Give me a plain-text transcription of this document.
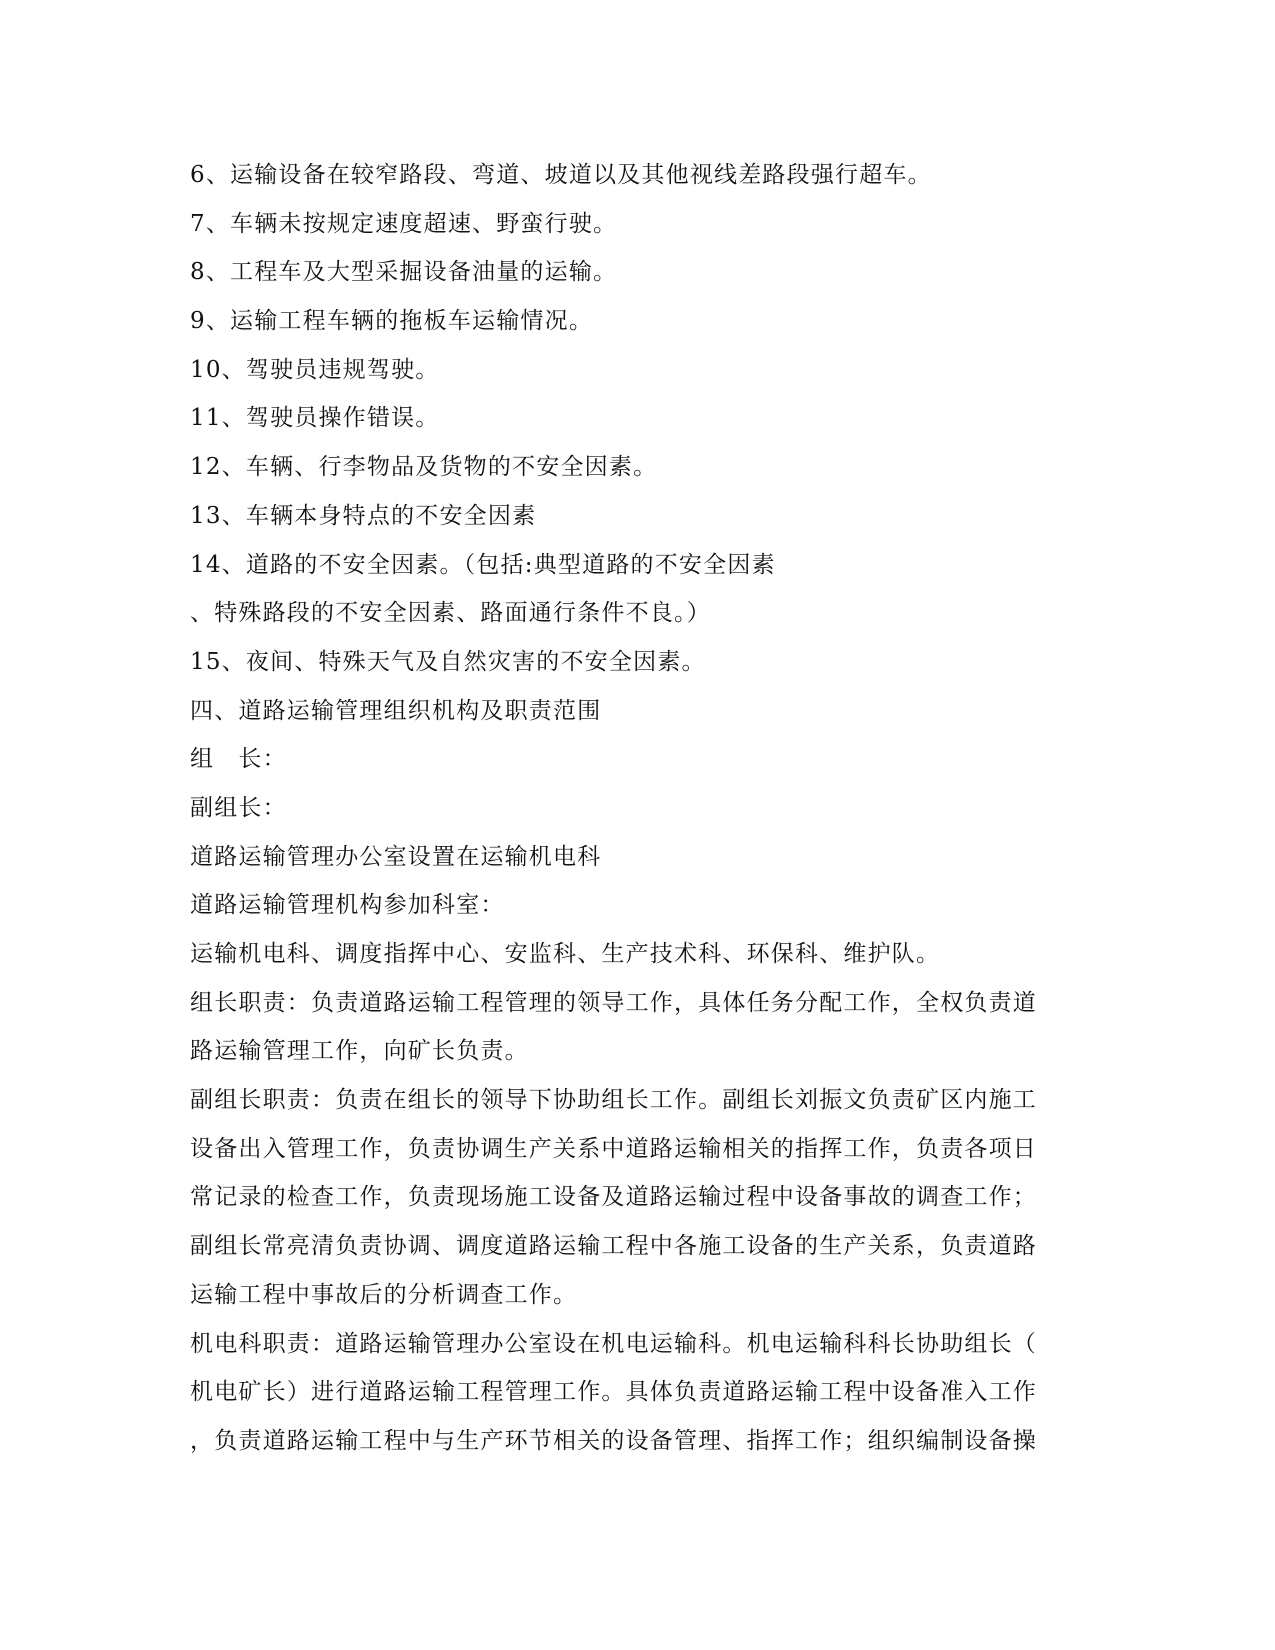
6、运输设备在较窄路段、弯道、坡道以及其他视线差路段强行超车。
7、车辆未按规定速度超速、野蛮行驶。
8、工程车及大型采掘设备油量的运输。
9、运输工程车辆的拖板车运输情况。
10、驾驶员违规驾驶。
11、驾驶员操作错误。
12、车辆、行李物品及货物的不安全因素。
13、车辆本身特点的不安全因素
14、道路的不安全因素。（包括:典型道路的不安全因素
、特殊路段的不安全因素、路面通行条件不良。）
15、夜间、特殊天气及自然灾害的不安全因素。
四、道路运输管理组织机构及职责范围
组　长：
副组长：
道路运输管理办公室设置在运输机电科
道路运输管理机构参加科室：
运输机电科、调度指挥中心、安监科、生产技术科、环保科、维护队。
组长职责：负责道路运输工程管理的领导工作，具体任务分配工作，全权负责道
路运输管理工作，向矿长负责。
副组长职责：负责在组长的领导下协助组长工作。副组长刘振文负责矿区内施工
设备出入管理工作，负责协调生产关系中道路运输相关的指挥工作，负责各项日
常记录的检查工作，负责现场施工设备及道路运输过程中设备事故的调查工作；
副组长常亮清负责协调、调度道路运输工程中各施工设备的生产关系，负责道路
运输工程中事故后的分析调查工作。
机电科职责：道路运输管理办公室设在机电运输科。机电运输科科长协助组长（
机电矿长）进行道路运输工程管理工作。具体负责道路运输工程中设备准入工作
，负责道路运输工程中与生产环节相关的设备管理、指挥工作；组织编制设备操
